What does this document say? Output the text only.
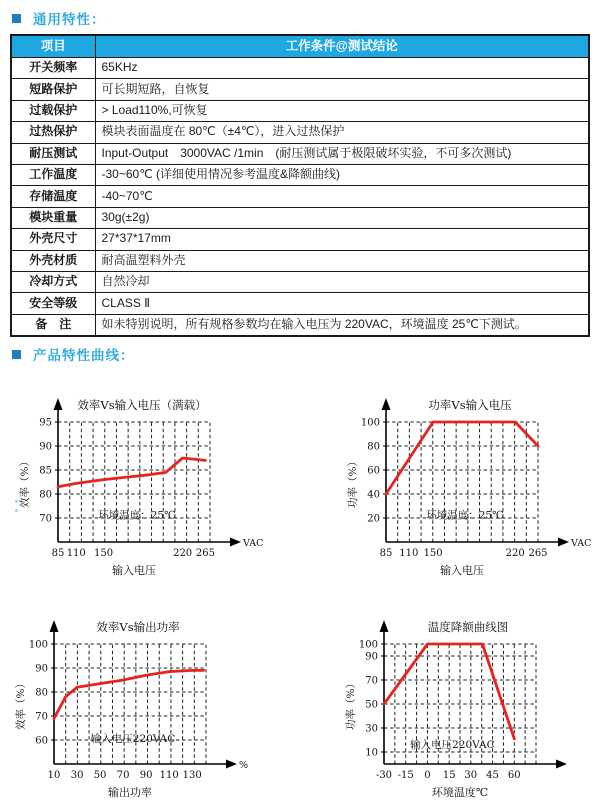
通用特性：
项目	工作条件@测试结论
开关频率	65KHz
短路保护	可长期短路，自恢复
过载保护	> Load110%,可恢复
过热保护	模块表面温度在 80℃（±4℃），进入过热保护
耐压测试	Input-Output　3000VAC /1min　(耐压测试属于极限破坏实验，不可多次测试)
工作温度	-30~60℃ (详细使用情况参考温度&降额曲线)
存储温度	-40~70℃
模块重量	30g(±2g)
外壳尺寸	27*37*17mm
外壳材质	耐高温塑料外壳
冷却方式	自然冷却
安全等级	CLASS Ⅱ
备　注	如未特别说明，所有规格参数均在输入电压为 220VAC，环境温度 25℃下测试。
产品特性曲线：
95
90
85
80
70
VAC
85 110 150	220 265
效率Vs输入电压（满载）
效率（%）
输入电压
环境温度：25℃
100
80
60
40
20
VAC
85 110 150	220 265
功率Vs输入电压
功率（%）
输入电压
环境温度：25℃
100
90
80
70
60
%
10 30 50 70 90 110 130
效率Vs输出功率
效率（%）
输出功率
输入电压220VAC
100
90
70
50
30
10
-30 -15 0 15 30 45 60
温度降额曲线图
功率（%）
环境温度℃
输入电压220VAC
